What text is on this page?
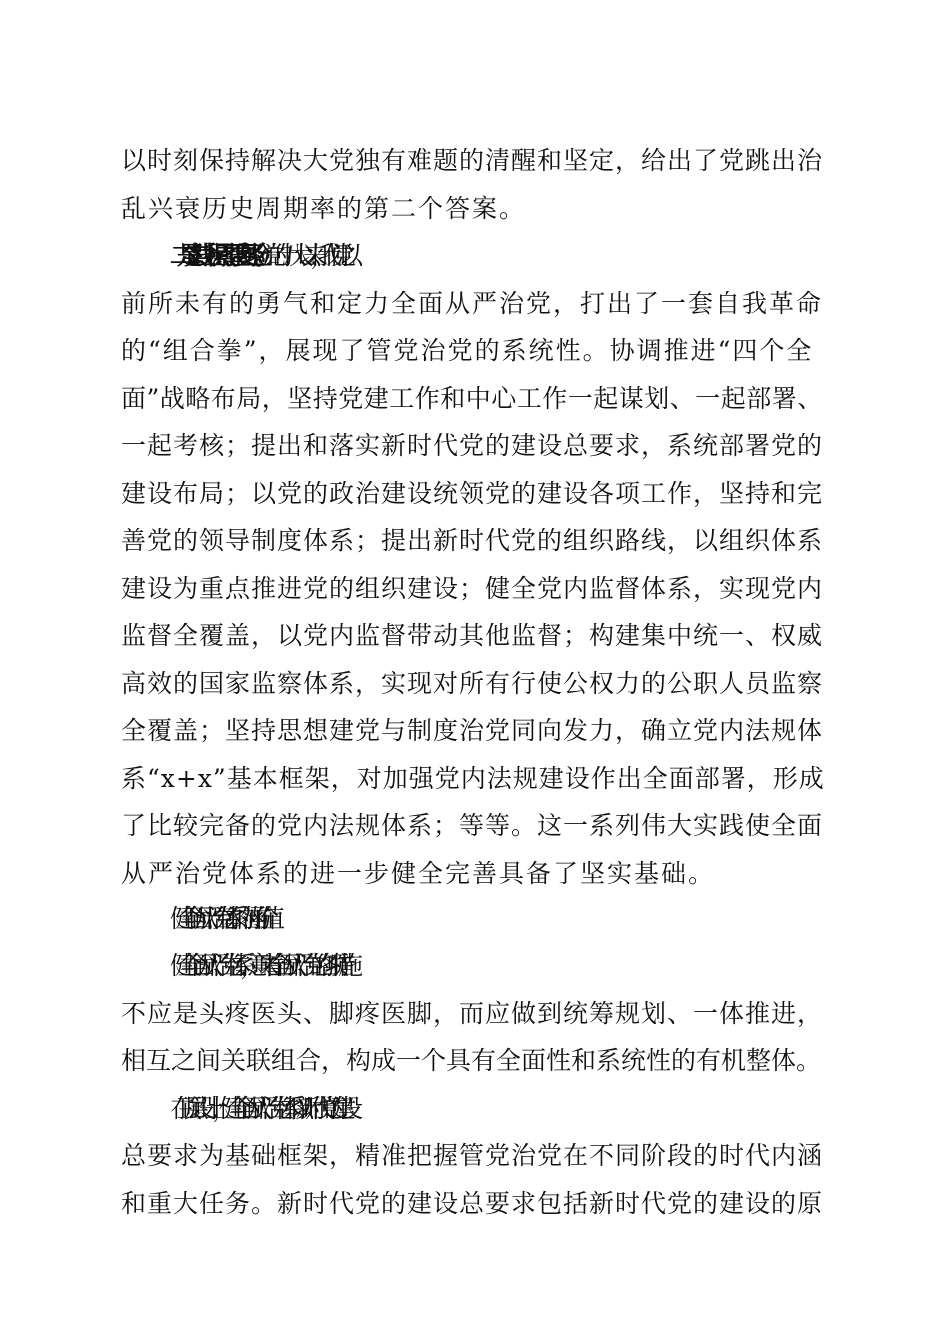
以时刻保持解决大党独有难题的清醒和坚定，给出了党跳出治
乱兴衰历史周期率的第二个答案。
二是实践上积累了重要经验。党的十八大以来，我们党以
前所未有的勇气和定力全面从严治党，打出了一套自我革命
的“组合拳”，展现了管党治党的系统性。协调推进“四个全
面”战略布局，坚持党建工作和中心工作一起谋划、一起部署、
一起考核；提出和落实新时代党的建设总要求，系统部署党的
建设布局；以党的政治建设统领党的建设各项工作，坚持和完
善党的领导制度体系；提出新时代党的组织路线，以组织体系
建设为重点推进党的组织建设；健全党内监督体系，实现党内
监督全覆盖，以党内监督带动其他监督；构建集中统一、权威
高效的国家监察体系，实现对所有行使公权力的公职人员监察
全覆盖；坚持思想建党与制度治党同向发力，确立党内法规体
系“x+x”基本框架，对加强党内法规建设作出全面部署，形成
了比较完备的党内法规体系；等等。这一系列伟大实践使全面
从严治党体系的进一步健全完善具备了坚实基础。
健全全面从严治党体系的内涵与价值
健全全面从严治党体系，意味着全面从严治党的各项措施
不应是头疼医头、脚疼医脚，而应做到统筹规划、一体推进，
相互之间关联组合，构成一个具有全面性和系统性的有机整体。
在顶层设计上，健全全面从严治党体系以新时代党的建设
总要求为基础框架，精准把握管党治党在不同阶段的时代内涵
和重大任务。新时代党的建设总要求包括新时代党的建设的原
